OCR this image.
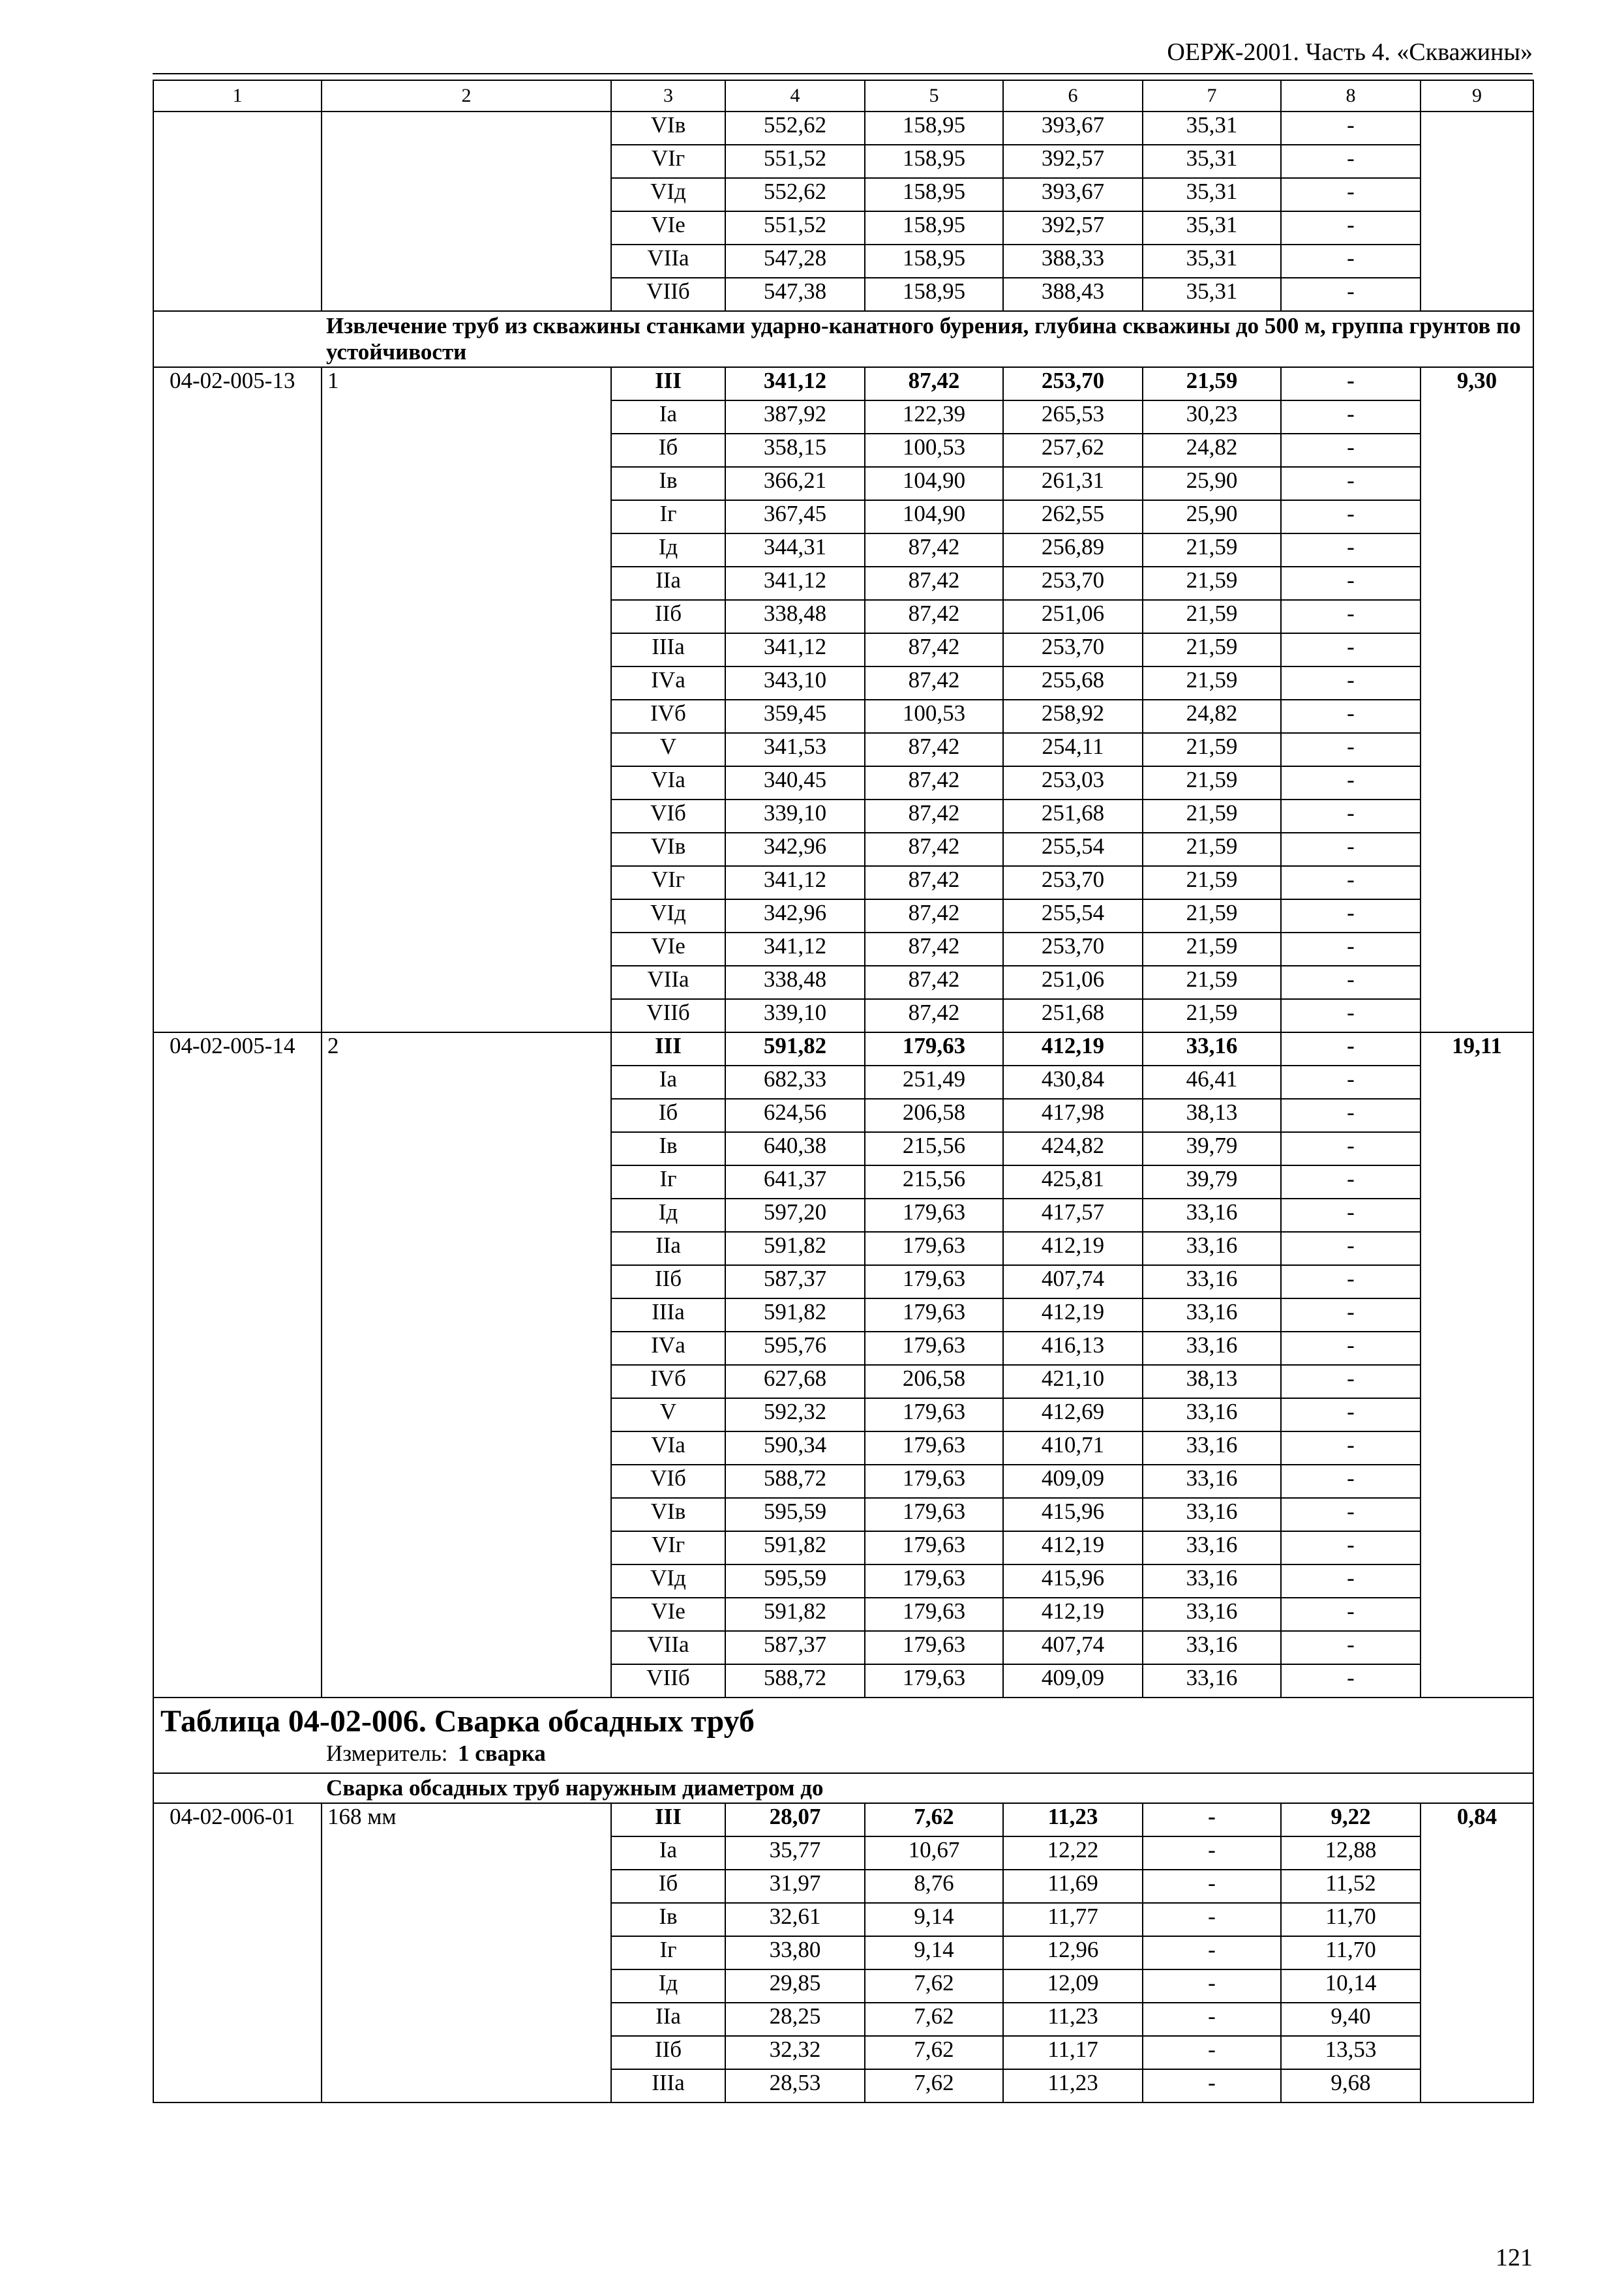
ОЕРЖ-2001. Часть 4. «Скважины»
1	2	3	4	5	6	7	8	9
		VIв	552,62	158,95	393,67	35,31	-	
		VIг	551,52	158,95	392,57	35,31	-	
		VIд	552,62	158,95	393,67	35,31	-	
		VIе	551,52	158,95	392,57	35,31	-	
		VIIа	547,28	158,95	388,33	35,31	-	
		VIIб	547,38	158,95	388,43	35,31	-	
Извлечение труб из скважины станками ударно-канатного бурения, глубина скважины до 500 м, группа грунтов по устойчивости								
04-02-005-13	1	III	341,12	87,42	253,70	21,59	-	9,30
		Iа	387,92	122,39	265,53	30,23	-	
		Iб	358,15	100,53	257,62	24,82	-	
		Iв	366,21	104,90	261,31	25,90	-	
		Iг	367,45	104,90	262,55	25,90	-	
		Iд	344,31	87,42	256,89	21,59	-	
		IIа	341,12	87,42	253,70	21,59	-	
		IIб	338,48	87,42	251,06	21,59	-	
		IIIа	341,12	87,42	253,70	21,59	-	
		IVа	343,10	87,42	255,68	21,59	-	
		IVб	359,45	100,53	258,92	24,82	-	
		V	341,53	87,42	254,11	21,59	-	
		VIа	340,45	87,42	253,03	21,59	-	
		VIб	339,10	87,42	251,68	21,59	-	
		VIв	342,96	87,42	255,54	21,59	-	
		VIг	341,12	87,42	253,70	21,59	-	
		VIд	342,96	87,42	255,54	21,59	-	
		VIе	341,12	87,42	253,70	21,59	-	
		VIIа	338,48	87,42	251,06	21,59	-	
		VIIб	339,10	87,42	251,68	21,59	-	
04-02-005-14	2	III	591,82	179,63	412,19	33,16	-	19,11
		Iа	682,33	251,49	430,84	46,41	-	
		Iб	624,56	206,58	417,98	38,13	-	
		Iв	640,38	215,56	424,82	39,79	-	
		Iг	641,37	215,56	425,81	39,79	-	
		Iд	597,20	179,63	417,57	33,16	-	
		IIа	591,82	179,63	412,19	33,16	-	
		IIб	587,37	179,63	407,74	33,16	-	
		IIIа	591,82	179,63	412,19	33,16	-	
		IVа	595,76	179,63	416,13	33,16	-	
		IVб	627,68	206,58	421,10	38,13	-	
		V	592,32	179,63	412,69	33,16	-	
		VIа	590,34	179,63	410,71	33,16	-	
		VIб	588,72	179,63	409,09	33,16	-	
		VIв	595,59	179,63	415,96	33,16	-	
		VIг	591,82	179,63	412,19	33,16	-	
		VIд	595,59	179,63	415,96	33,16	-	
		VIе	591,82	179,63	412,19	33,16	-	
		VIIа	587,37	179,63	407,74	33,16	-	
		VIIб	588,72	179,63	409,09	33,16	-	

Таблица 04-02-006. Сварка обсадных труб
Измеритель: 1 сварка								

Сварка обсадных труб наружным диаметром до								
04-02-006-01	168 мм	III	28,07	7,62	11,23	-	9,22	0,84
		Iа	35,77	10,67	12,22	-	12,88	
		Iб	31,97	8,76	11,69	-	11,52	
		Iв	32,61	9,14	11,77	-	11,70	
		Iг	33,80	9,14	12,96	-	11,70	
		Iд	29,85	7,62	12,09	-	10,14	
		IIа	28,25	7,62	11,23	-	9,40	
		IIб	32,32	7,62	11,17	-	13,53	
		IIIа	28,53	7,62	11,23	-	9,68	
121
